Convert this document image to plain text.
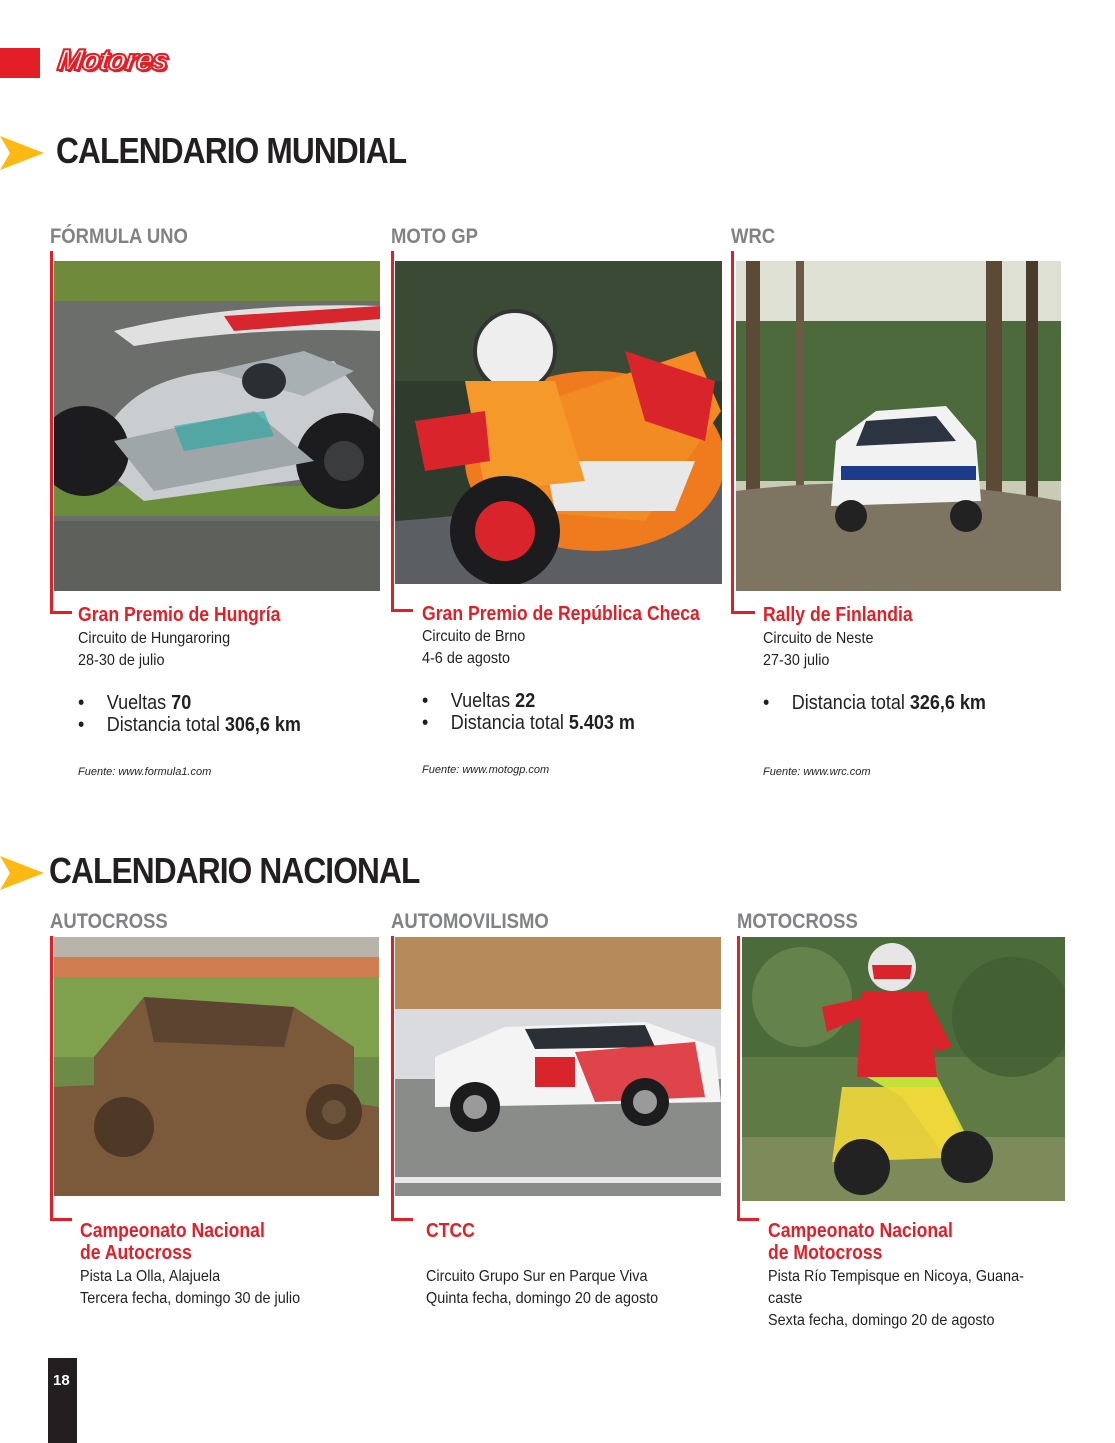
Motores
CALENDARIO MUNDIAL
FÓRMULA UNO
Gran Premio de Hungría
Circuito de Hungaroring
28-30 de julio
• Vueltas 70
• Distancia total 306,6 km
Fuente: www.formula1.com
MOTO GP
Gran Premio de República Checa
Circuito de Brno
4-6 de agosto
• Vueltas 22
• Distancia total 5.403 m
Fuente: www.motogp.com
WRC
Rally de Finlandia
Circuito de Neste
27-30 julio
• Distancia total 326,6 km
Fuente: www.wrc.com
CALENDARIO NACIONAL
AUTOCROSS
Campeonato Nacional
de Autocross
Pista La Olla, Alajuela
Tercera fecha, domingo 30 de julio
AUTOMOVILISMO
CTCC
Circuito Grupo Sur en Parque Viva
Quinta fecha, domingo 20 de agosto
MOTOCROSS
Campeonato Nacional
de Motocross
Pista Río Tempisque en Nicoya, Guana-
caste
Sexta fecha, domingo 20 de agosto
18
